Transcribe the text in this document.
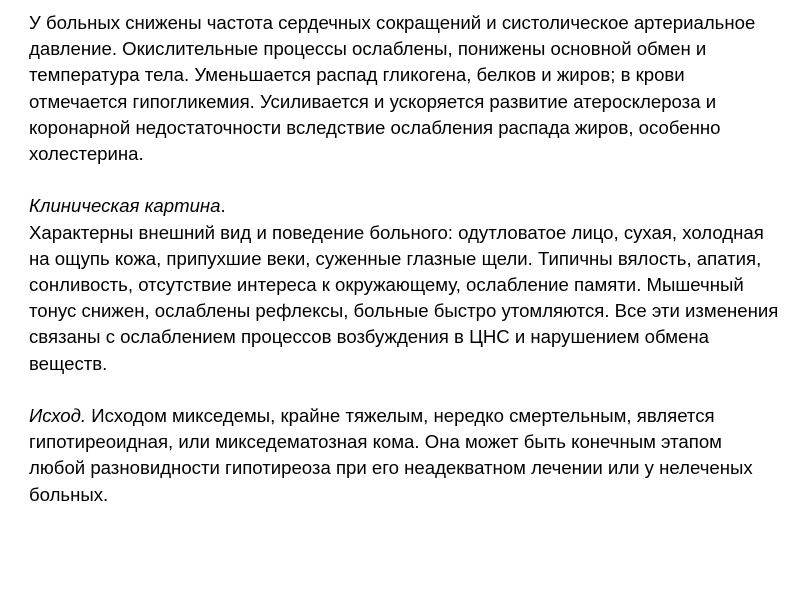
У больных снижены частота сердечных сокращений и систолическое артериальное давление. Окислительные процессы ослаблены, понижены основной обмен и температура тела. Уменьшается распад гликогена, белков и жиров; в крови отмечается гипогликемия. Усиливается и ускоряется развитие атеросклероза и коронарной недостаточности вследствие ослабления распада жиров, особенно холестерина.

Клиническая картина.

Характерны внешний вид и поведение больного: одутловатое лицо, сухая, холодная на ощупь кожа, припухшие веки, суженные глазные щели. Типичны вялость, апатия, сонливость, отсутствие интереса к окружающему, ослабление памяти. Мышечный тонус снижен, ослаблены рефлексы, больные быстро утомляются. Все эти изменения связаны с ослаблением процессов возбуждения в ЦНС и нарушением обмена веществ.

Исход. Исходом микседемы, крайне тяжелым, нередко смертельным, является гипотиреоидная, или микседематозная кома. Она может быть конечным этапом любой разновидности гипотиреоза при его неадекватном лечении или у нелеченых больных.
